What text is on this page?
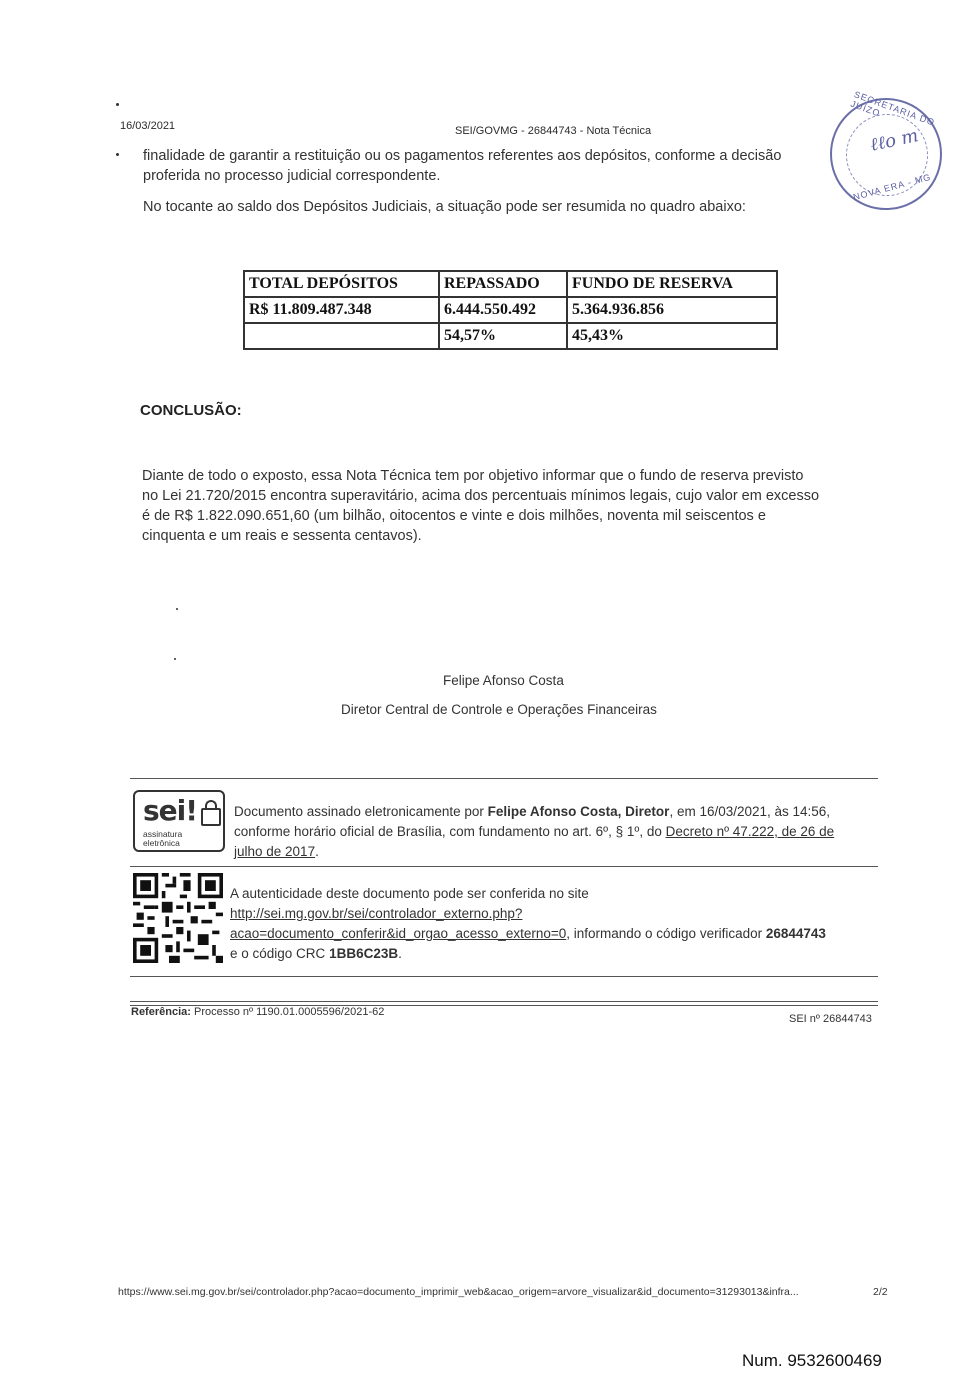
16/03/2021	SEI/GOVMG - 26844743 - Nota Técnica
SECRETARIA DO JUÍZO
ℓℓo m
NOVA ERA - MG
finalidade de garantir a restituição ou os pagamentos referentes aos depósitos, conforme a decisão
proferida no processo judicial correspondente.
No tocante ao saldo dos Depósitos Judiciais, a situação pode ser resumida no quadro abaixo:
TOTAL DEPÓSITOS	REPASSADO	FUNDO DE RESERVA
R$ 11.809.487.348	6.444.550.492	5.364.936.856
	54,57%	45,43%
CONCLUSÃO:
Diante de todo o exposto, essa Nota Técnica tem por objetivo informar que o fundo de reserva previsto
no Lei 21.720/2015 encontra superavitário, acima dos percentuais mínimos legais, cujo valor em excesso
é de R$ 1.822.090.651,60 (um bilhão, oitocentos e vinte e dois milhões, noventa mil seiscentos e
cinquenta e um reais e sessenta centavos).
Felipe Afonso Costa
Diretor Central de Controle e Operações Financeiras
sei!
assinatura
eletrônica
Documento assinado eletronicamente por Felipe Afonso Costa, Diretor, em 16/03/2021, às 14:56,
conforme horário oficial de Brasília, com fundamento no art. 6º, § 1º, do Decreto nº 47.222, de 26 de
julho de 2017.
A autenticidade deste documento pode ser conferida no site
http://sei.mg.gov.br/sei/controlador_externo.php?
acao=documento_conferir&id_orgao_acesso_externo=0, informando o código verificador 26844743
e o código CRC 1BB6C23B.
Referência: Processo nº 1190.01.0005596/2021-62
SEI nº 26844743
https://www.sei.mg.gov.br/sei/controlador.php?acao=documento_imprimir_web&acao_origem=arvore_visualizar&id_documento=31293013&infra...	2/2
Num. 9532600469
